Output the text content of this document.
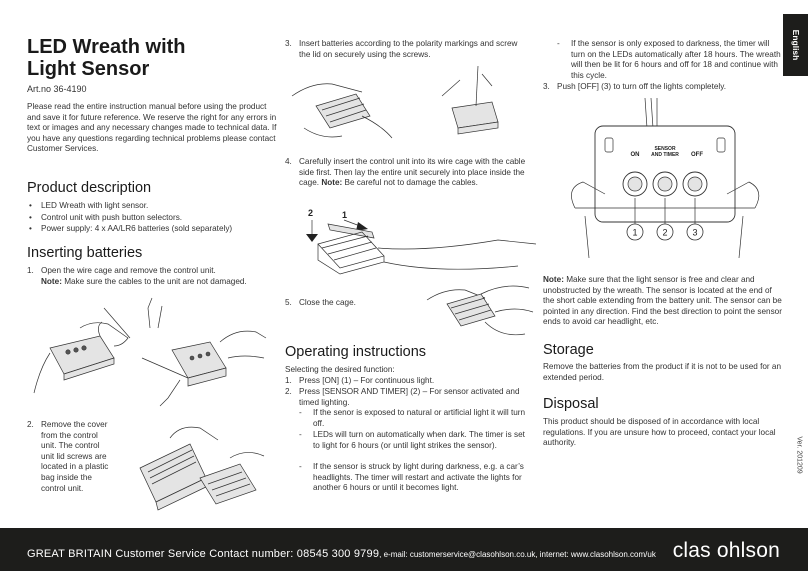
English
LED Wreath with
Light Sensor
Art.no 36-4190
Please read the entire instruction manual before using the product and save it for future reference. We reserve the right for any errors in text or images and any necessary changes made to technical data. If you have any questions regarding technical problems please contact Customer Services.
Product description
• LED Wreath with light sensor.
• Control unit with push button selectors.
• Power supply: 4 x AA/LR6 batteries (sold separately)
Inserting batteries
1. Open the wire cage and remove the control unit.
Note: Make sure the cables to the unit are not damaged.
2. Remove the cover from the control unit. The control unit lid screws are located in a plastic bag inside the control unit.
3. Insert batteries according to the polarity markings and screw the lid on securely using the screws.
4. Carefully insert the control unit into its wire cage with the cable side first. Then lay the entire unit securely into place inside the cage. Note: Be careful not to damage the cables.
2	1
5. Close the cage.
Operating instructions
Selecting the desired function:
1. Press [ON] (1) – For continuous light.
2. Press [SENSOR AND TIMER] (2) – For sensor activated and timed lighting.
- If the senor is exposed to natural or artificial light it will turn off.
- LEDs will turn on automatically when dark. The timer is set to light for 6 hours (or until light strikes the sensor).
- If the sensor is struck by light during darkness, e.g. a car’s headlights. The timer will restart and activate the lights for another 6 hours or until it becomes light.
- If the sensor is only exposed to darkness, the timer will turn on the LEDs automatically after 18 hours. The wreath will then be lit for 6 hours and off for 18 and continue with this cycle.
3. Push [OFF] (3) to turn off the lights completely.
ON
SENSOR
AND TIMER OFF
1	2	3
Note: Make sure that the light sensor is free and clear and unobstructed by the wreath. The sensor is located at the end of the short cable extending from the battery unit. The sensor can be pointed in any direction. Find the best direction to point the sensor ends to avoid car headlight, etc.
Storage
Remove the batteries from the product if it is not to be used for an extended period.
Disposal
This product should be disposed of in accordance with local regulations. If you are unsure how to proceed, contact your local authority.	Ver. 201209
GREAT BRITAIN Customer Service Contact number: 08545 300 9799, e-mail: customerservice@clasohlson.co.uk, internet: www.clasohlson.com/uk clas ohlson
